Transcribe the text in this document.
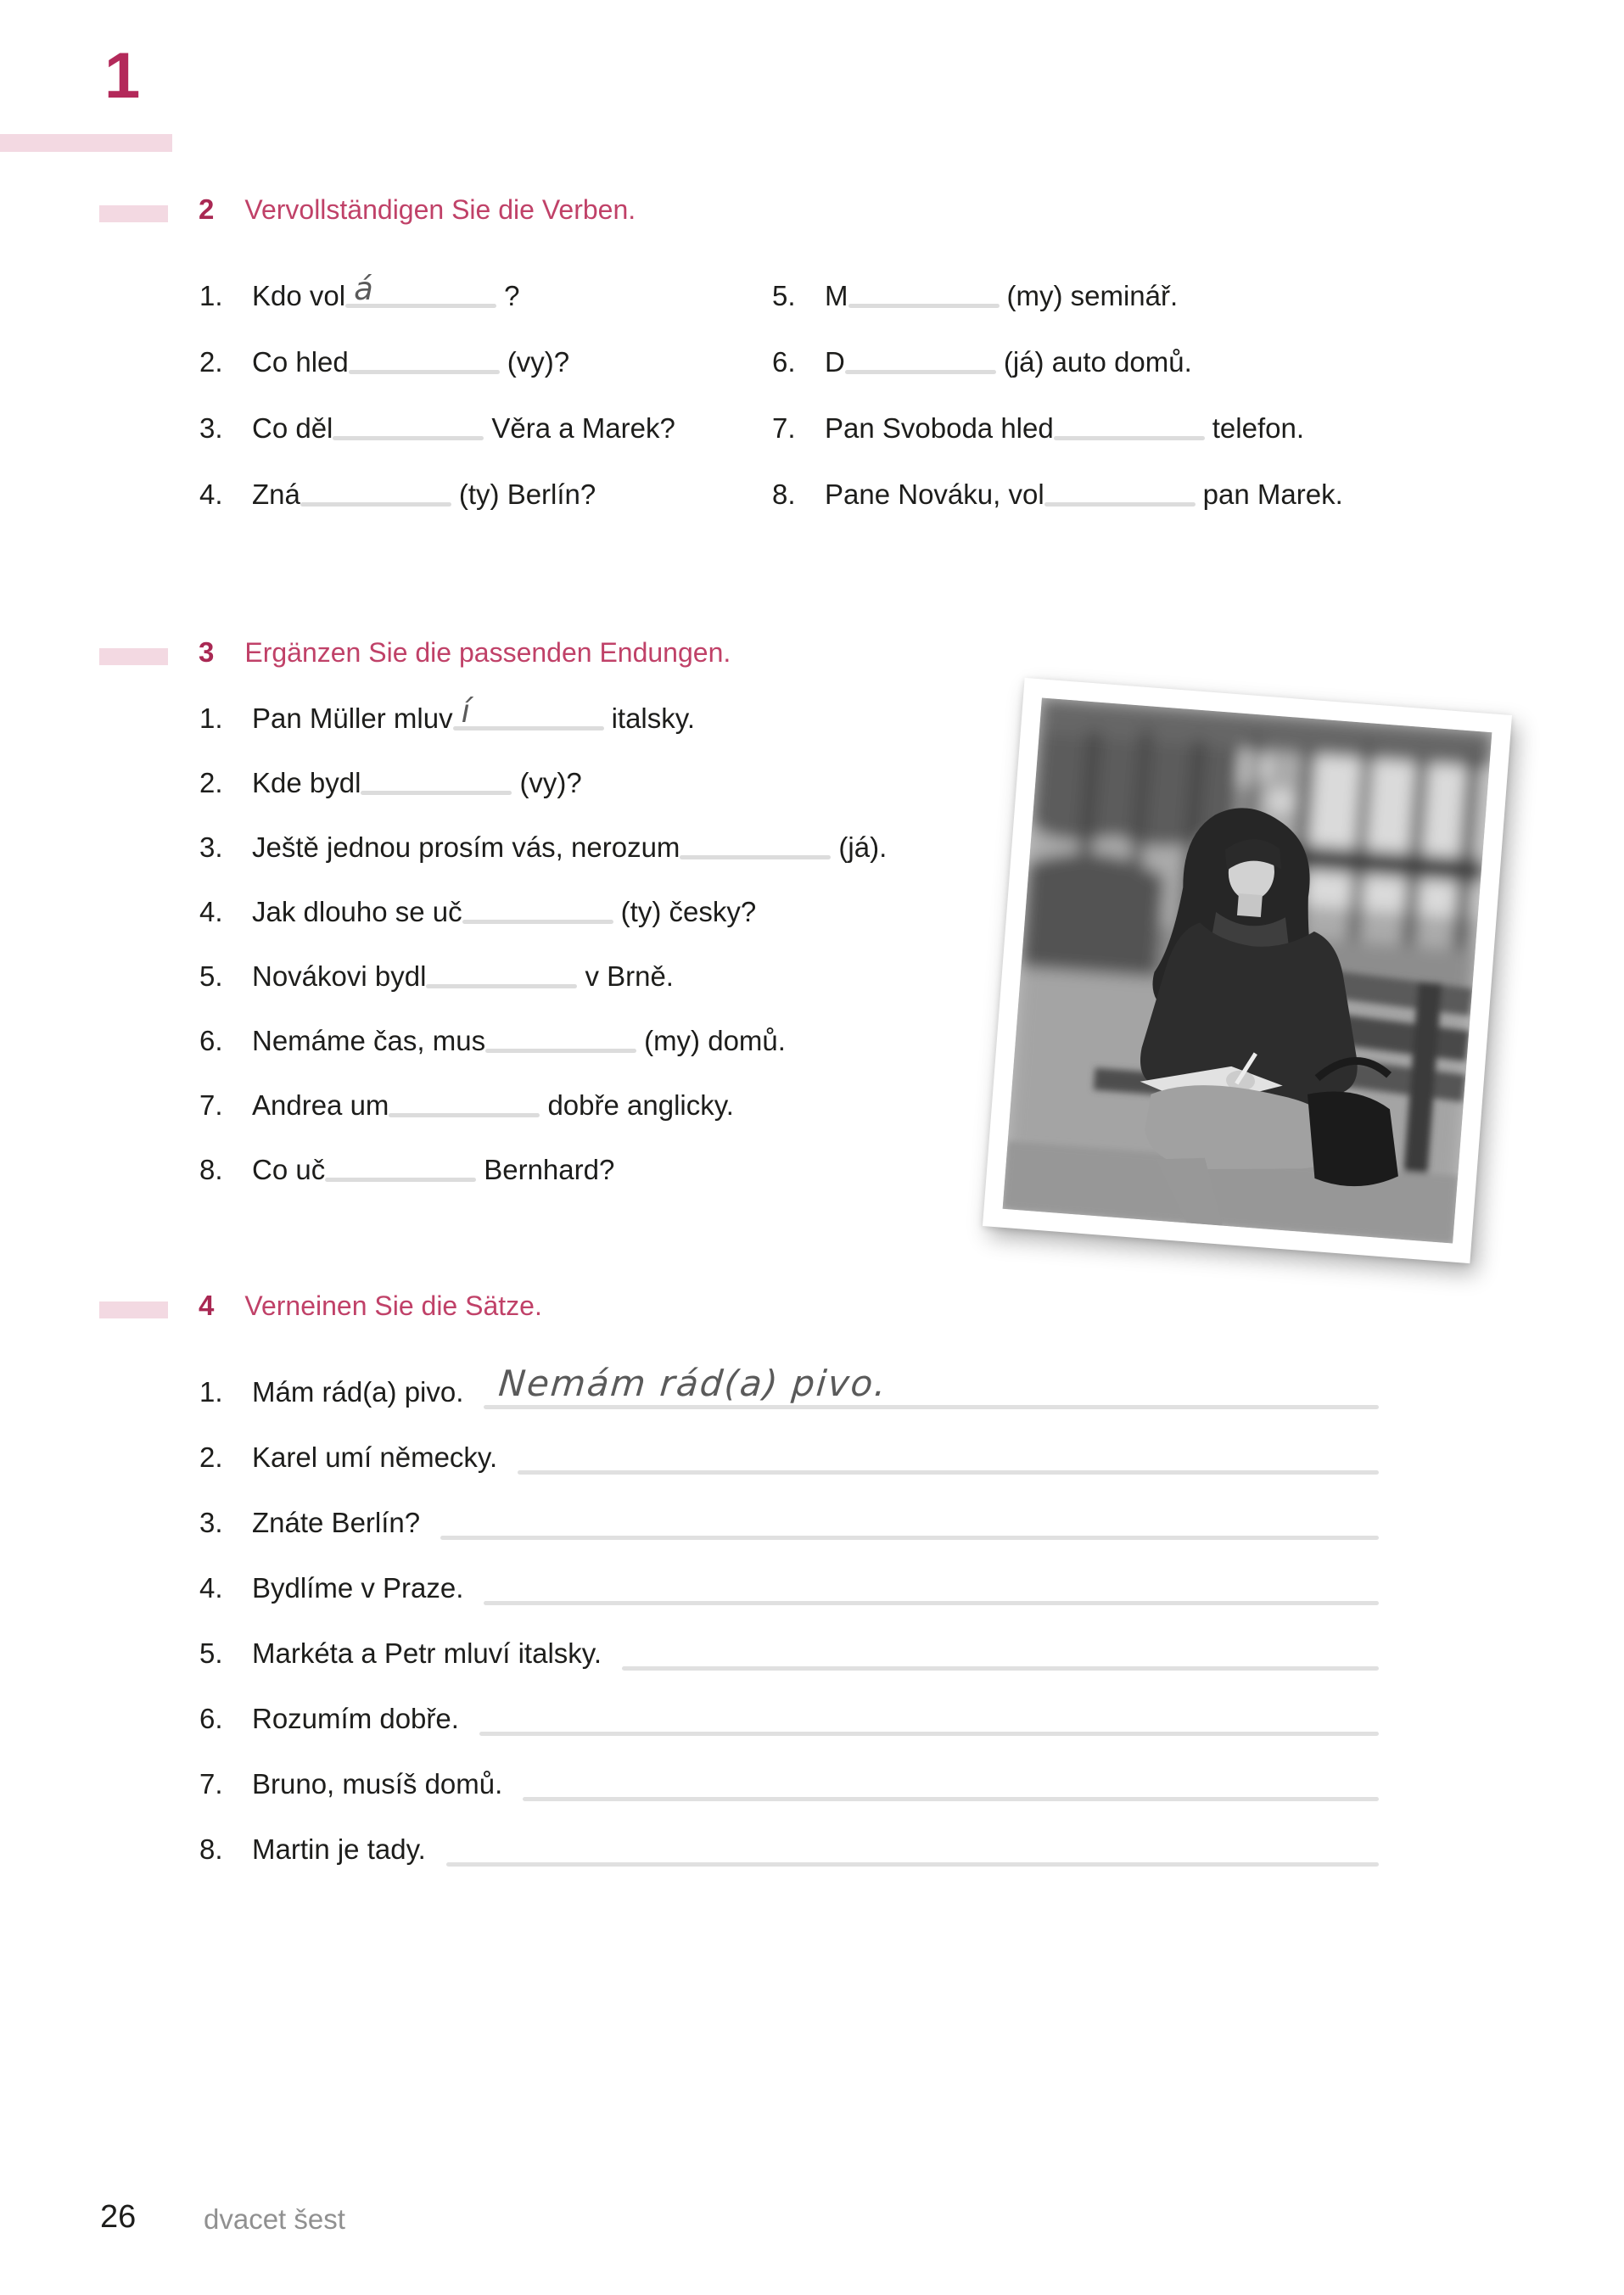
1
2 Vervollständigen Sie die Verben.
1.	Kdo vol á	?
2.	Co hled	(vy)?
3.	Co děl	Věra a Marek?
4.	Zná	(ty) Berlín?
5.	M	(my) seminář.
6.	D	(já) auto domů.
7.	Pan Svoboda hled	telefon.
8.	Pane Nováku, vol	pan Marek.
3 Ergänzen Sie die passenden Endungen.
1.	Pan Müller mluv í	italsky.
2.	Kde bydl	(vy)?
3.	Ještě jednou prosím vás, nerozum	(já).
4.	Jak dlouho se uč	(ty) česky?
5.	Novákovi bydl	v Brně.
6.	Nemáme čas, mus	(my) domů.
7.	Andrea um	dobře anglicky.
8.	Co uč	Bernhard?
4 Verneinen Sie die Sätze.
1.	Mám rád(a) pivo. Nemám rád(a) pivo.
2.	Karel umí německy.
3.	Znáte Berlín?
4.	Bydlíme v Praze.
5.	Markéta a Petr mluví italsky.
6.	Rozumím dobře.
7.	Bruno, musíš domů.
8.	Martin je tady.
26 dvacet šest
